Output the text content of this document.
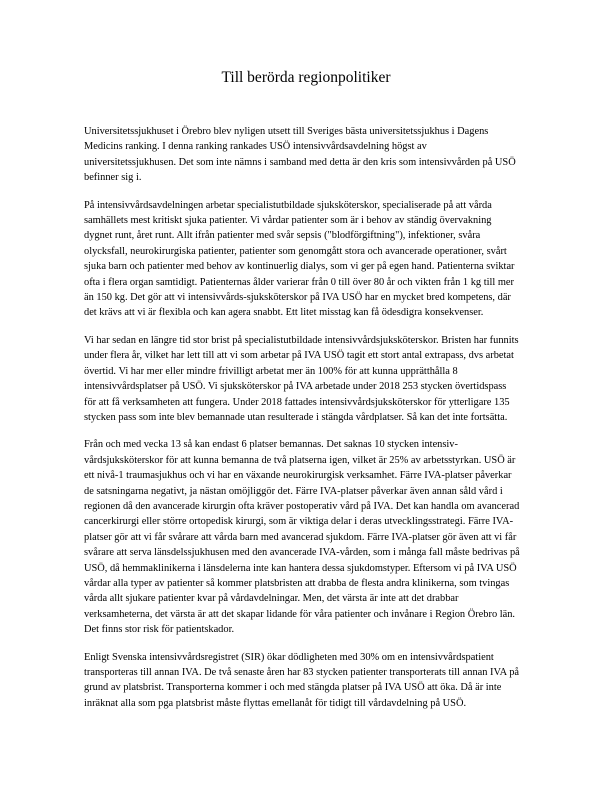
Till berörda regionpolitiker

Universitetssjukhuset i Örebro blev nyligen utsett till Sveriges bästa universitetssjukhus i Dagens Medicins ranking. I denna ranking rankades USÖ intensivvårdsavdelning högst av universitetssjukhusen. Det som inte nämns i samband med detta är den kris som intensivvården på USÖ befinner sig i.

På intensivvårdsavdelningen arbetar specialistutbildade sjuksköterskor, specialiserade på att vårda samhällets mest kritiskt sjuka patienter. Vi vårdar patienter som är i behov av ständig övervakning dygnet runt, året runt. Allt ifrån patienter med svår sepsis ("blodförgiftning"), infektioner, svåra olycksfall, neurokirurgiska patienter, patienter som genomgått stora och avancerade operationer, svårt sjuka barn och patienter med behov av kontinuerlig dialys, som vi ger på egen hand. Patienterna sviktar ofta i flera organ samtidigt. Patienternas ålder varierar från 0 till över 80 år och vikten från 1 kg till mer än 150 kg. Det gör att vi intensivvårds-sjuksköterskor på IVA USÖ har en mycket bred kompetens, där det krävs att vi är flexibla och kan agera snabbt. Ett litet misstag kan få ödesdigra konsekvenser.

Vi har sedan en längre tid stor brist på specialistutbildade intensivvårdsjuksköterskor. Bristen har funnits under flera år, vilket har lett till att vi som arbetar på IVA USÖ tagit ett stort antal extrapass, dvs arbetat övertid. Vi har mer eller mindre frivilligt arbetat mer än 100% för att kunna upprätthålla 8 intensivvårdsplatser på USÖ. Vi sjuksköterskor på IVA arbetade under 2018 253 stycken övertidspass för att få verksamheten att fungera. Under 2018 fattades intensivvårdsjuksköterskor för ytterligare 135 stycken pass som inte blev bemannade utan resulterade i stängda vårdplatser. Så kan det inte fortsätta.

Från och med vecka 13 så kan endast 6 platser bemannas. Det saknas 10 stycken intensiv-vårdsjuksköterskor för att kunna bemanna de två platserna igen, vilket är 25% av arbetsstyrkan. USÖ är ett nivå-1 traumasjukhus och vi har en växande neurokirurgisk verksamhet. Färre IVA-platser påverkar de satsningarna negativt, ja nästan omöjliggör det. Färre IVA-platser påverkar även annan såld vård i regionen då den avancerade kirurgin ofta kräver postoperativ vård på IVA. Det kan handla om avancerad cancerkirurgi eller större ortopedisk kirurgi, som är viktiga delar i deras utvecklingsstrategi. Färre IVA-platser gör att vi får svårare att vårda barn med avancerad sjukdom. Färre IVA-platser gör även att vi får svårare att serva länsdelssjukhusen med den avancerade IVA-vården, som i många fall måste bedrivas på USÖ, då hemmaklinikerna i länsdelerna inte kan hantera dessa sjukdomstyper. Eftersom vi på IVA USÖ vårdar alla typer av patienter så kommer platsbristen att drabba de flesta andra klinikerna, som tvingas vårda allt sjukare patienter kvar på vårdavdelningar. Men, det värsta är inte att det drabbar verksamheterna, det värsta är att det skapar lidande för våra patienter och invånare i Region Örebro län. Det finns stor risk för patientskador.

Enligt Svenska intensivvårdsregistret (SIR) ökar dödligheten med 30% om en intensivvårdspatient transporteras till annan IVA. De två senaste åren har 83 stycken patienter transporterats till annan IVA på grund av platsbrist. Transporterna kommer i och med stängda platser på IVA USÖ att öka. Då är inte inräknat alla som pga platsbrist måste flyttas emellanåt för tidigt till vårdavdelning på USÖ.
